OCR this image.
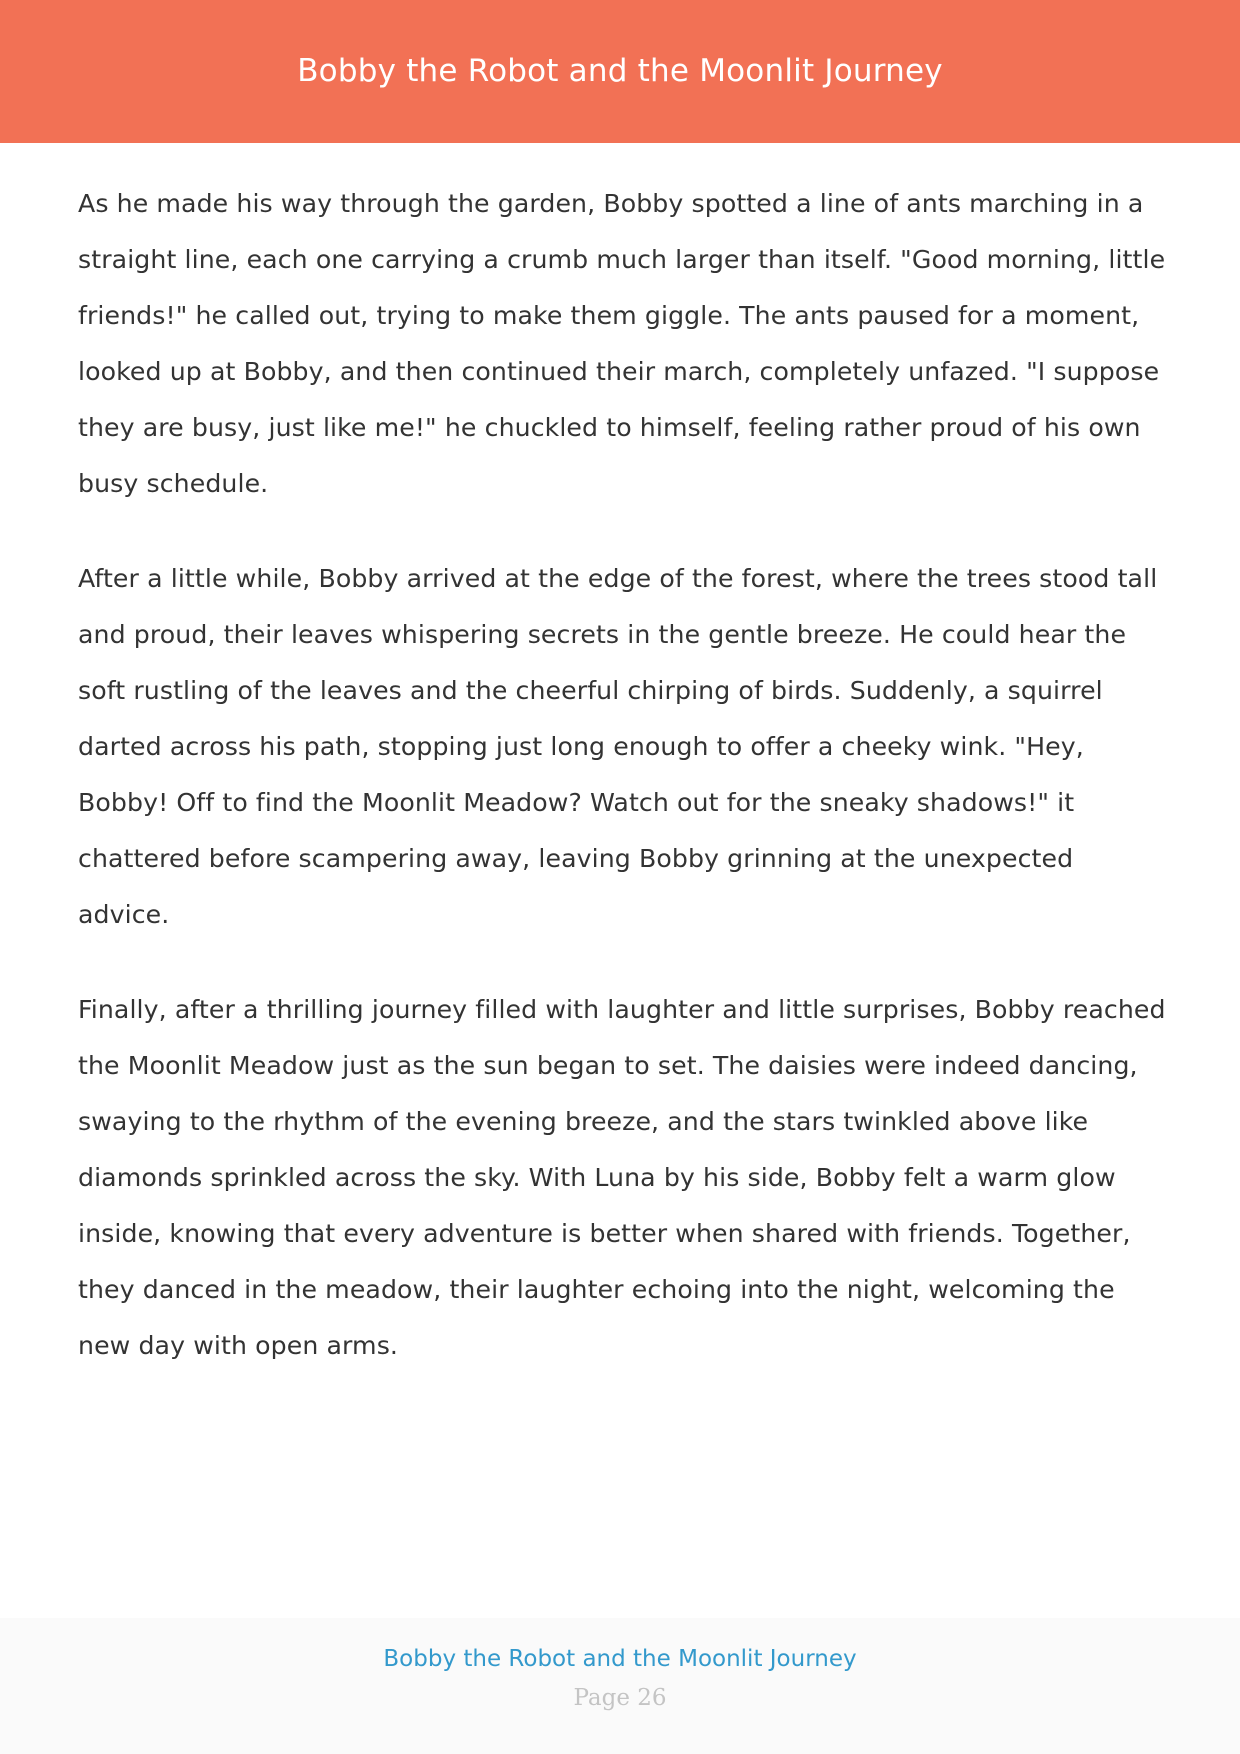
Bobby the Robot and the Moonlit Journey

As he made his way through the garden, Bobby spotted a line of ants marching in a straight line, each one carrying a crumb much larger than itself. "Good morning, little friends!" he called out, trying to make them giggle. The ants paused for a moment, looked up at Bobby, and then continued their march, completely unfazed. "I suppose they are busy, just like me!" he chuckled to himself, feeling rather proud of his own busy schedule.

After a little while, Bobby arrived at the edge of the forest, where the trees stood tall and proud, their leaves whispering secrets in the gentle breeze. He could hear the soft rustling of the leaves and the cheerful chirping of birds. Suddenly, a squirrel darted across his path, stopping just long enough to offer a cheeky wink. "Hey, Bobby! Off to find the Moonlit Meadow? Watch out for the sneaky shadows!" it chattered before scampering away, leaving Bobby grinning at the unexpected advice.

Finally, after a thrilling journey filled with laughter and little surprises, Bobby reached the Moonlit Meadow just as the sun began to set. The daisies were indeed dancing, swaying to the rhythm of the evening breeze, and the stars twinkled above like diamonds sprinkled across the sky. With Luna by his side, Bobby felt a warm glow inside, knowing that every adventure is better when shared with friends. Together, they danced in the meadow, their laughter echoing into the night, welcoming the new day with open arms.

Bobby the Robot and the Moonlit Journey
Page 26
